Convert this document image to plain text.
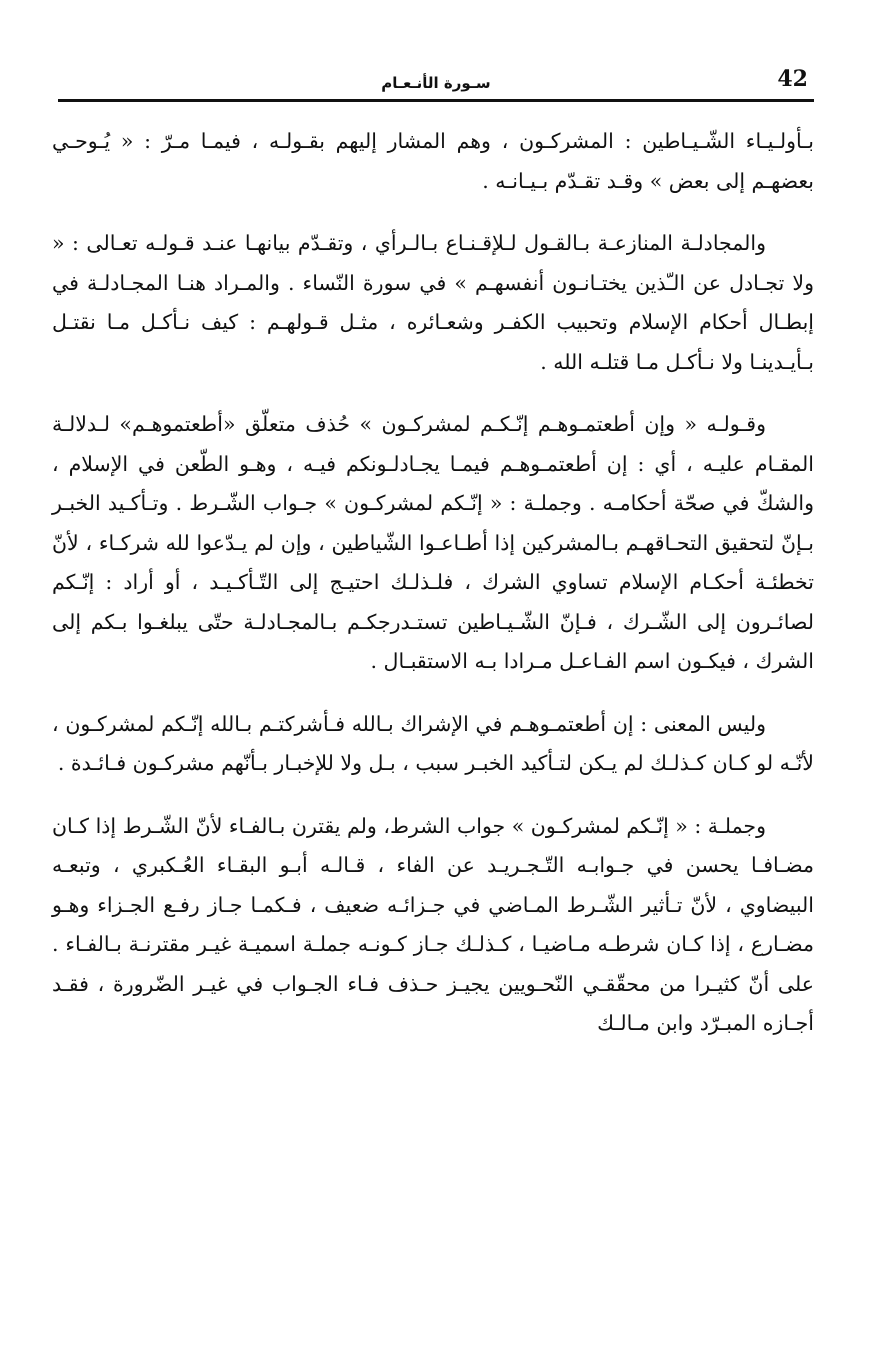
42
سـورة الأنـعـام

بـأولـيـاء الشّـيـاطين : المشركـون ، وهم المشار إليهم بقـولـه ، فيمـا مـرّ : « يُـوحـي بعضهـم إلى بعض » وقـد تقـدّم بـيـانـه .

والمجادلـة المنازعـة بـالقـول لـلإقـنـاع بـالـرأي ، وتقـدّم بيانهـا عنـد قـولـه تعـالى : « ولا تجـادل عن الـّذين يختـانـون أنفسهـم » في سورة النّساء . والمـراد هنـا المجـادلـة في إبطـال أحكام الإسلام وتحبيب الكفـر وشعـائره ، مثـل قـولهـم : كيف نـأكـل مـا نقتـل بـأيـدينـا ولا نـأكـل مـا قتلـه الله .

وقـولـه « وإن أطعتمـوهـم إنّـكـم لمشركـون » حُذف متعلّق «أطعتموهـم» لـدلالـة المقـام عليـه ، أي : إن أطعتمـوهـم فيمـا يجـادلـونكم فيـه ، وهـو الطّعن في الإسلام ، والشكّ في صحّة أحكامـه . وجملـة : « إنّـكم لمشركـون » جـواب الشّـرط . وتـأكـيد الخبـر بـإنّ لتحقيق التحـاقهـم بـالمشركين إذا أطـاعـوا الشّياطين ، وإن لم يـدّعوا لله شركـاء ، لأنّ تخطئـة أحكـام الإسلام تساوي الشرك ، فلـذلـك احتيـج إلى التّـأكـيـد ، أو أراد : إنّـكم لصائـرون إلى الشّـرك ، فـإنّ الشّـيـاطين تستـدرجكـم بـالمجـادلـة حتّى يبلغـوا بـكم إلى الشرك ، فيكـون اسم الفـاعـل مـرادا بـه الاستقبـال .

وليس المعنى : إن أطعتمـوهـم في الإشراك بـالله فـأشركتـم بـالله إنّـكم لمشركـون ، لأنّـه لو كـان كـذلـك لم يـكن لتـأكيد الخبـر سبب ، بـل ولا للإخبـار بـأنّهم مشركـون فـائـدة .

وجملـة : « إنّـكم لمشركـون » جواب الشرط، ولم يقترن بـالفـاء لأنّ الشّـرط إذا كـان مضـافـا يحسن في جـوابـه التّـجـريـد عن الفاء ، قـالـه أبـو البقـاء العُـكبري ، وتبعـه البيضاوي ، لأنّ تـأثير الشّـرط المـاضي في جـزائـه ضعيف ، فـكمـا جـاز رفـع الجـزاء وهـو مضـارع ، إذا كـان شرطـه مـاضيـا ، كـذلـك جـاز كـونـه جملـة اسميـة غيـر مقترنـة بـالفـاء . على أنّ كثيـرا من محقّقـي النّحـويين يجيـز حـذف فـاء الجـواب في غيـر الضّرورة ، فقـد أجـازه المبـرّد وابن مـالـك
